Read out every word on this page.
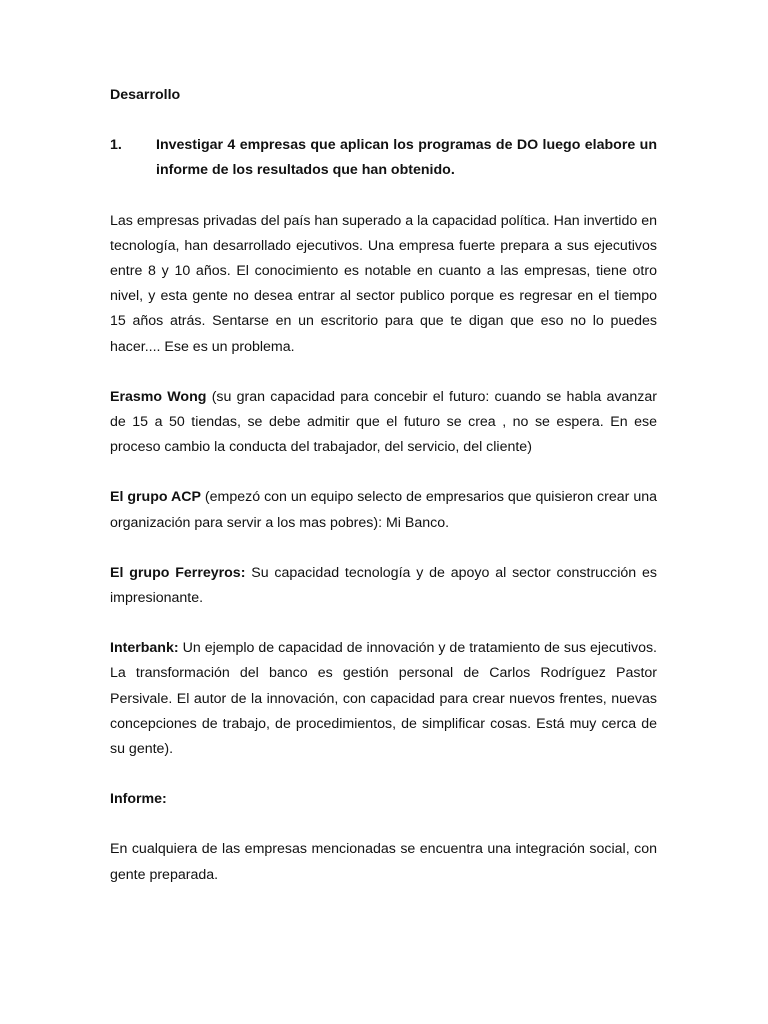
Desarrollo
1. Investigar 4 empresas que aplican los programas de DO luego elabore un informe de los resultados que han obtenido.

Las empresas privadas del país han superado a la capacidad política. Han invertido en tecnología, han desarrollado ejecutivos. Una empresa fuerte prepara a sus ejecutivos entre 8 y 10 años. El conocimiento es notable en cuanto a las empresas, tiene otro nivel, y esta gente no desea entrar al sector publico porque es regresar en el tiempo 15 años atrás. Sentarse en un escritorio para que te digan que eso no lo puedes hacer.... Ese es un problema.

Erasmo Wong (su gran capacidad para concebir el futuro: cuando se habla avanzar de 15 a 50 tiendas, se debe admitir que el futuro se crea , no se espera. En ese proceso cambio la conducta del trabajador, del servicio, del cliente)

El grupo ACP (empezó con un equipo selecto de empresarios que quisieron crear una organización para servir a los mas pobres): Mi Banco.

El grupo Ferreyros: Su capacidad tecnología y de apoyo al sector construcción es impresionante.

Interbank: Un ejemplo de capacidad de innovación y de tratamiento de sus ejecutivos. La transformación del banco es gestión personal de Carlos Rodríguez Pastor Persivale. El autor de la innovación, con capacidad para crear nuevos frentes, nuevas concepciones de trabajo, de procedimientos, de simplificar cosas. Está muy cerca de su gente).

Informe:

En cualquiera de las empresas mencionadas se encuentra una integración social, con gente preparada.
